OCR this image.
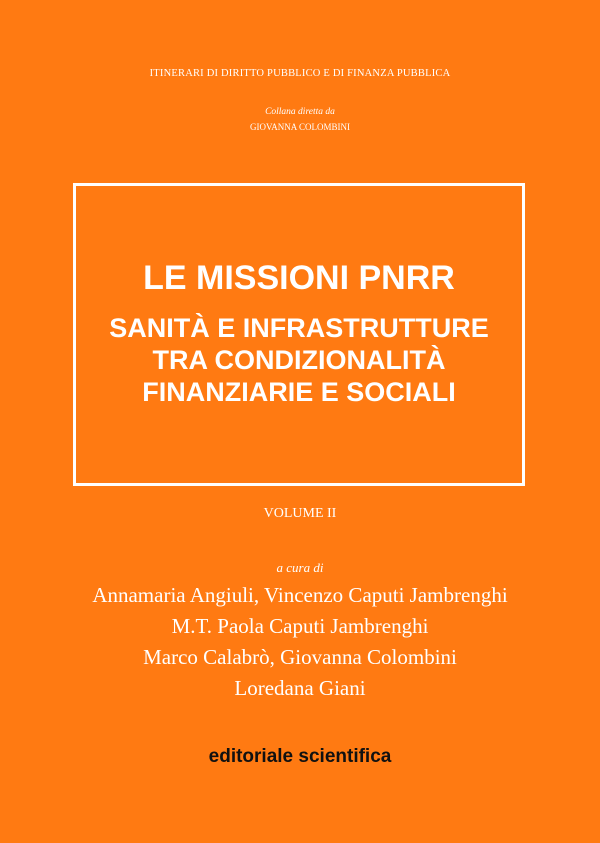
ITINERARI DI DIRITTO PUBBLICO E DI FINANZA PUBBLICA
Collana diretta da
GIOVANNA COLOMBINI
LE MISSIONI PNRR
SANITÀ E INFRASTRUTTURE
TRA CONDIZIONALITÀ
FINANZIARIE E SOCIALI
VOLUME II
a cura di
Annamaria Angiuli, Vincenzo Caputi Jambrenghi
M.T. Paola Caputi Jambrenghi
Marco Calabrò, Giovanna Colombini
Loredana Giani
editoriale scientifica
